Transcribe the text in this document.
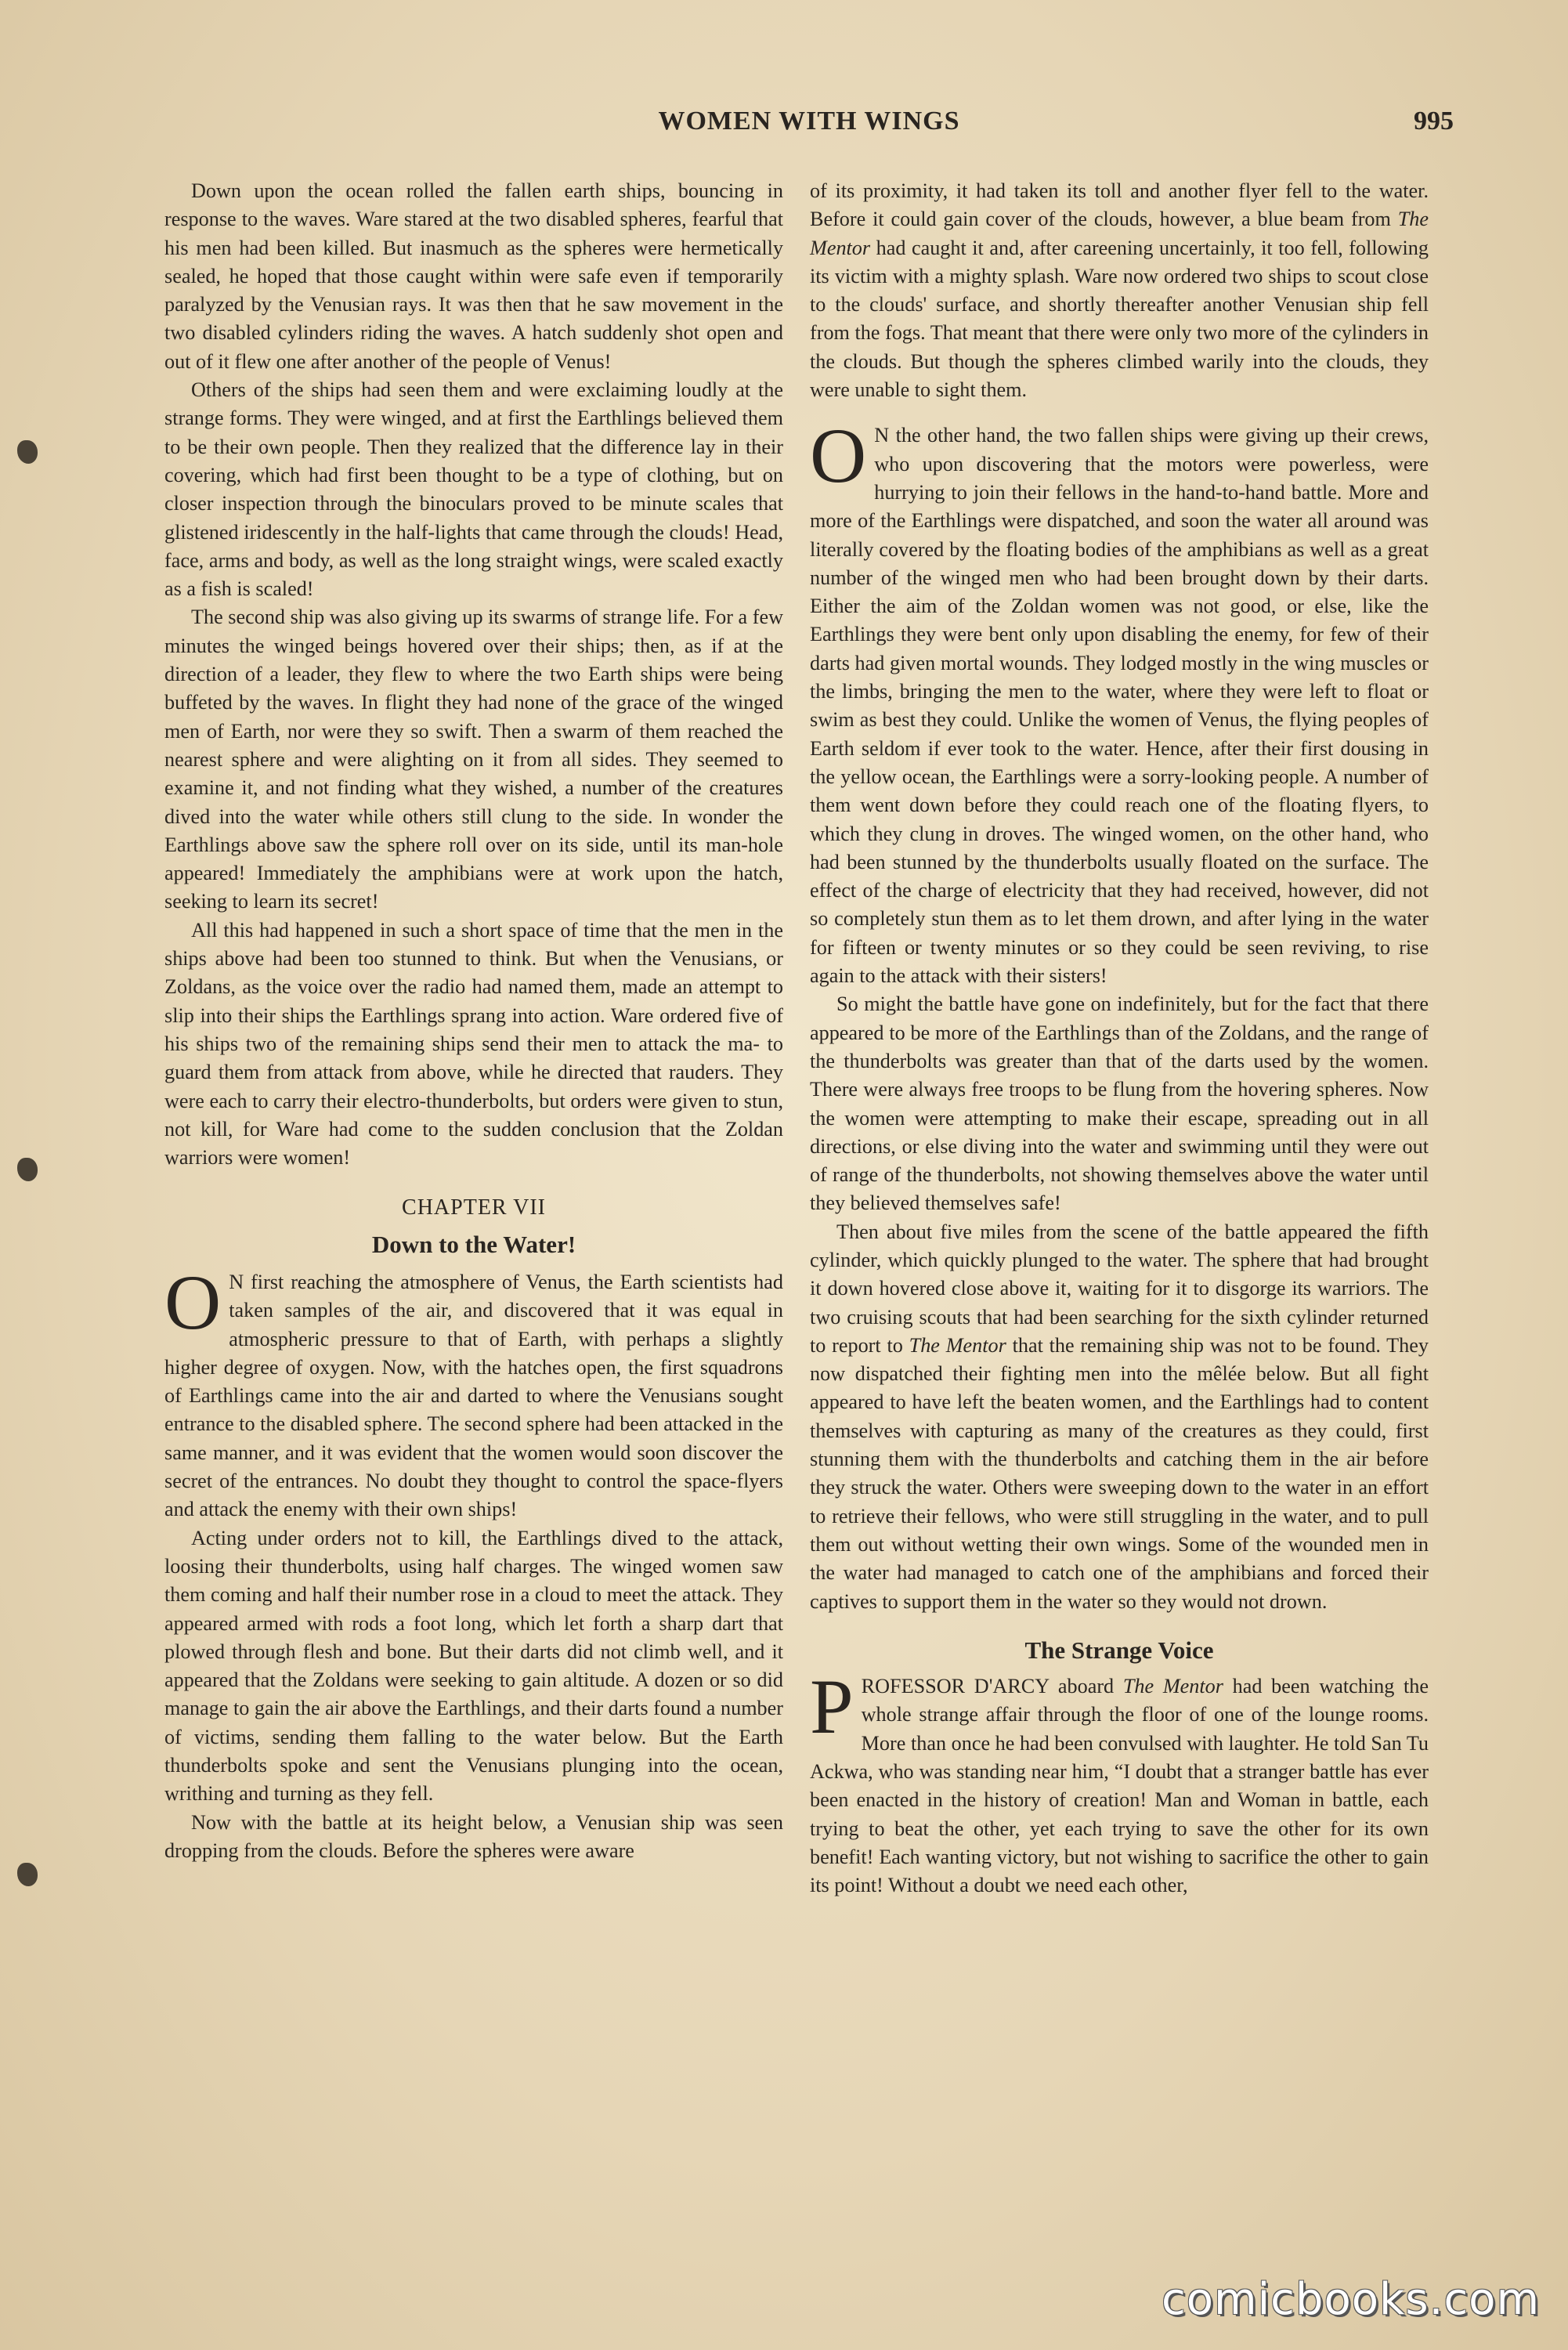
WOMEN WITH WINGS	995

Down upon the ocean rolled the fallen earth ships, bouncing in response to the waves. Ware stared at the two disabled spheres, fearful that his men had been killed. But inasmuch as the spheres were hermetically sealed, he hoped that those caught within were safe even if temporarily paralyzed by the Venusian rays. It was then that he saw movement in the two disabled cylinders riding the waves. A hatch suddenly shot open and out of it flew one after another of the people of Venus!

Others of the ships had seen them and were exclaiming loudly at the strange forms. They were winged, and at first the Earthlings believed them to be their own people. Then they realized that the difference lay in their covering, which had first been thought to be a type of clothing, but on closer inspection through the binoculars proved to be minute scales that glistened iridescently in the half-lights that came through the clouds! Head, face, arms and body, as well as the long straight wings, were scaled exactly as a fish is scaled!

The second ship was also giving up its swarms of strange life. For a few minutes the winged beings hovered over their ships; then, as if at the direction of a leader, they flew to where the two Earth ships were being buffeted by the waves. In flight they had none of the grace of the winged men of Earth, nor were they so swift. Then a swarm of them reached the nearest sphere and were alighting on it from all sides. They seemed to examine it, and not finding what they wished, a number of the creatures dived into the water while others still clung to the side. In wonder the Earthlings above saw the sphere roll over on its side, until its man-hole appeared! Immediately the amphibians were at work upon the hatch, seeking to learn its secret!

All this had happened in such a short space of time that the men in the ships above had been too stunned to think. But when the Venusians, or Zoldans, as the voice over the radio had named them, made an attempt to slip into their ships the Earthlings sprang into action. Ware ordered five of his ships two of the remaining ships send their men to attack the ma- to guard them from attack from above, while he directed that rauders. They were each to carry their electro-thunderbolts, but orders were given to stun, not kill, for Ware had come to the sudden conclusion that the Zoldan warriors were women!

CHAPTER VII
Down to the Water!

O N first reaching the atmosphere of Venus, the Earth scientists had taken samples of the air, and discovered that it was equal in atmospheric pressure to that of Earth, with perhaps a slightly higher degree of oxygen. Now, with the hatches open, the first squadrons of Earthlings came into the air and darted to where the Venusians sought entrance to the disabled sphere. The second sphere had been attacked in the same manner, and it was evident that the women would soon discover the secret of the entrances. No doubt they thought to control the space-flyers and attack the enemy with their own ships!

Acting under orders not to kill, the Earthlings dived to the attack, loosing their thunderbolts, using half charges. The winged women saw them coming and half their number rose in a cloud to meet the attack. They appeared armed with rods a foot long, which let forth a sharp dart that plowed through flesh and bone. But their darts did not climb well, and it appeared that the Zoldans were seeking to gain altitude. A dozen or so did manage to gain the air above the Earthlings, and their darts found a number of victims, sending them falling to the water below. But the Earth thunderbolts spoke and sent the Venusians plunging into the ocean, writhing and turning as they fell.

Now with the battle at its height below, a Venusian ship was seen dropping from the clouds. Before the spheres were aware

of its proximity, it had taken its toll and another flyer fell to the water. Before it could gain cover of the clouds, however, a blue beam from The Mentor had caught it and, after careening uncertainly, it too fell, following its victim with a mighty splash. Ware now ordered two ships to scout close to the clouds' surface, and shortly thereafter another Venusian ship fell from the fogs. That meant that there were only two more of the cylinders in the clouds. But though the spheres climbed warily into the clouds, they were unable to sight them.

O N the other hand, the two fallen ships were giving up their crews, who upon discovering that the motors were powerless, were hurrying to join their fellows in the hand-to-hand battle. More and more of the Earthlings were dispatched, and soon the water all around was literally covered by the floating bodies of the amphibians as well as a great number of the winged men who had been brought down by their darts. Either the aim of the Zoldan women was not good, or else, like the Earthlings they were bent only upon disabling the enemy, for few of their darts had given mortal wounds. They lodged mostly in the wing muscles or the limbs, bringing the men to the water, where they were left to float or swim as best they could. Unlike the women of Venus, the flying peoples of Earth seldom if ever took to the water. Hence, after their first dousing in the yellow ocean, the Earthlings were a sorry-looking people. A number of them went down before they could reach one of the floating flyers, to which they clung in droves. The winged women, on the other hand, who had been stunned by the thunderbolts usually floated on the surface. The effect of the charge of electricity that they had received, however, did not so completely stun them as to let them drown, and after lying in the water for fifteen or twenty minutes or so they could be seen reviving, to rise again to the attack with their sisters!

So might the battle have gone on indefinitely, but for the fact that there appeared to be more of the Earthlings than of the Zoldans, and the range of the thunderbolts was greater than that of the darts used by the women. There were always free troops to be flung from the hovering spheres. Now the women were attempting to make their escape, spreading out in all directions, or else diving into the water and swimming until they were out of range of the thunderbolts, not showing themselves above the water until they believed themselves safe!

Then about five miles from the scene of the battle appeared the fifth cylinder, which quickly plunged to the water. The sphere that had brought it down hovered close above it, waiting for it to disgorge its warriors. The two cruising scouts that had been searching for the sixth cylinder returned to report to The Mentor that the remaining ship was not to be found. They now dispatched their fighting men into the mêlée below. But all fight appeared to have left the beaten women, and the Earthlings had to content themselves with capturing as many of the creatures as they could, first stunning them with the thunderbolts and catching them in the air before they struck the water. Others were sweeping down to the water in an effort to retrieve their fellows, who were still struggling in the water, and to pull them out without wetting their own wings. Some of the wounded men in the water had managed to catch one of the amphibians and forced their captives to support them in the water so they would not drown.

The Strange Voice

PROFESSOR D'ARCY aboard The Mentor had been watching the whole strange affair through the floor of one of the lounge rooms. More than once he had been convulsed with laughter. He told San Tu Ackwa, who was standing near him, “I doubt that a stranger battle has ever been enacted in the history of creation! Man and Woman in battle, each trying to beat the other, yet each trying to save the other for its own benefit! Each wanting victory, but not wishing to sacrifice the other to gain its point! Without a doubt we need each other,

comicbooks.com
